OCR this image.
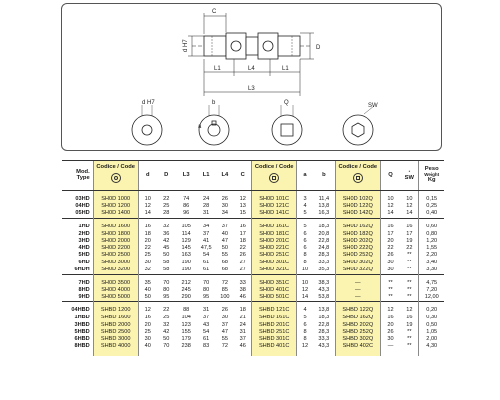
C
d H7	D
L1	L4	L1
L3
d H7	b
a
Q	SW
Mod.
Type	Codice / Code	d	D	L3	L1	L4	C	Codice / Code	a	b	Codice / Code	Q	*
SW	Peso
Weight
Kg

03HD	SH0D 1000	10	22	74	24	26	12	SH0D 101C	3	11,4	SH0D 102Q	10	10	0,15
04HD	SH0D 1200	12	25	86	28	30	13	SH0D 121C	4	13,8	SH0D 122Q	12	12	0,25
05HD	SH0D 1400	14	28	96	31	34	15	SH0D 141C	5	16,3	SH0D 142Q	14	14	0,40

1HD	SH0D 1600	16	32	105	34	37	16	SH0D 161C	5	18,3	SH0D 162Q	16	16	0,60
2HD	SH0D 1800	18	36	114	37	40	17	SH0D 181C	6	20,8	SH0D 182Q	17	17	0,80
3HD	SH0D 2000	20	42	129	41	47	18	SH0D 201C	6	22,8	SH0D 202Q	20	19	1,20
4HD	SH0D 2200	22	45	145	47,5	50	22	SH0D 221C	6	24,8	SH0D 222Q	22	22	1,55
5HD	SH0D 2500	25	50	163	54	55	26	SH0D 251C	8	28,3	SH0D 252Q	26	**	2,20
6HD	SH0D 3000	30	58	190	61	68	27	SH0D 301C	8	33,3	SH0D 302Q	30	**	3,40
6HDH	SH0D 3200	32	58	190	61	68	27	SH0D 321C	10	35,3	SH0D 322Q	30	**	3,30

7HD	SH0D 3500	35	70	212	70	72	33	SH0D 351C	10	38,3	—	**	**	4,75
8HD	SH0D 4000	40	80	245	80	85	38	SH0D 401C	12	43,3	—	**	**	7,20
9HD	SH0D 5000	50	95	290	95	100	46	SH0D 501C	14	53,8	—	**	**	12,00

04HBD	SHBD 1200	12	22	88	31	26	18	SHBD 121C	4	13,8	SHBD 122Q	12	12	0,20
1HBD	SHBD 1600	16	25	104	37	30	21	SHBD 161C	5	18,3	SHBD 162Q	16	16	0,30
3HBD	SHBD 2000	20	32	123	43	37	24	SHBD 201C	6	22,8	SHBD 202Q	20	19	0,50
5HBD	SHBD 2500	25	42	155	54	47	31	SHBD 251C	8	28,3	SHBD 252Q	26	**	1,05
6HBD	SHBD 3000	30	50	179	61	55	37	SHBD 301C	8	33,3	SHBD 302Q	30	**	2,00
8HBD	SHBD 4000	40	70	238	83	72	46	SHBD 401C	12	43,3	SHBD 402C	—	**	4,30
